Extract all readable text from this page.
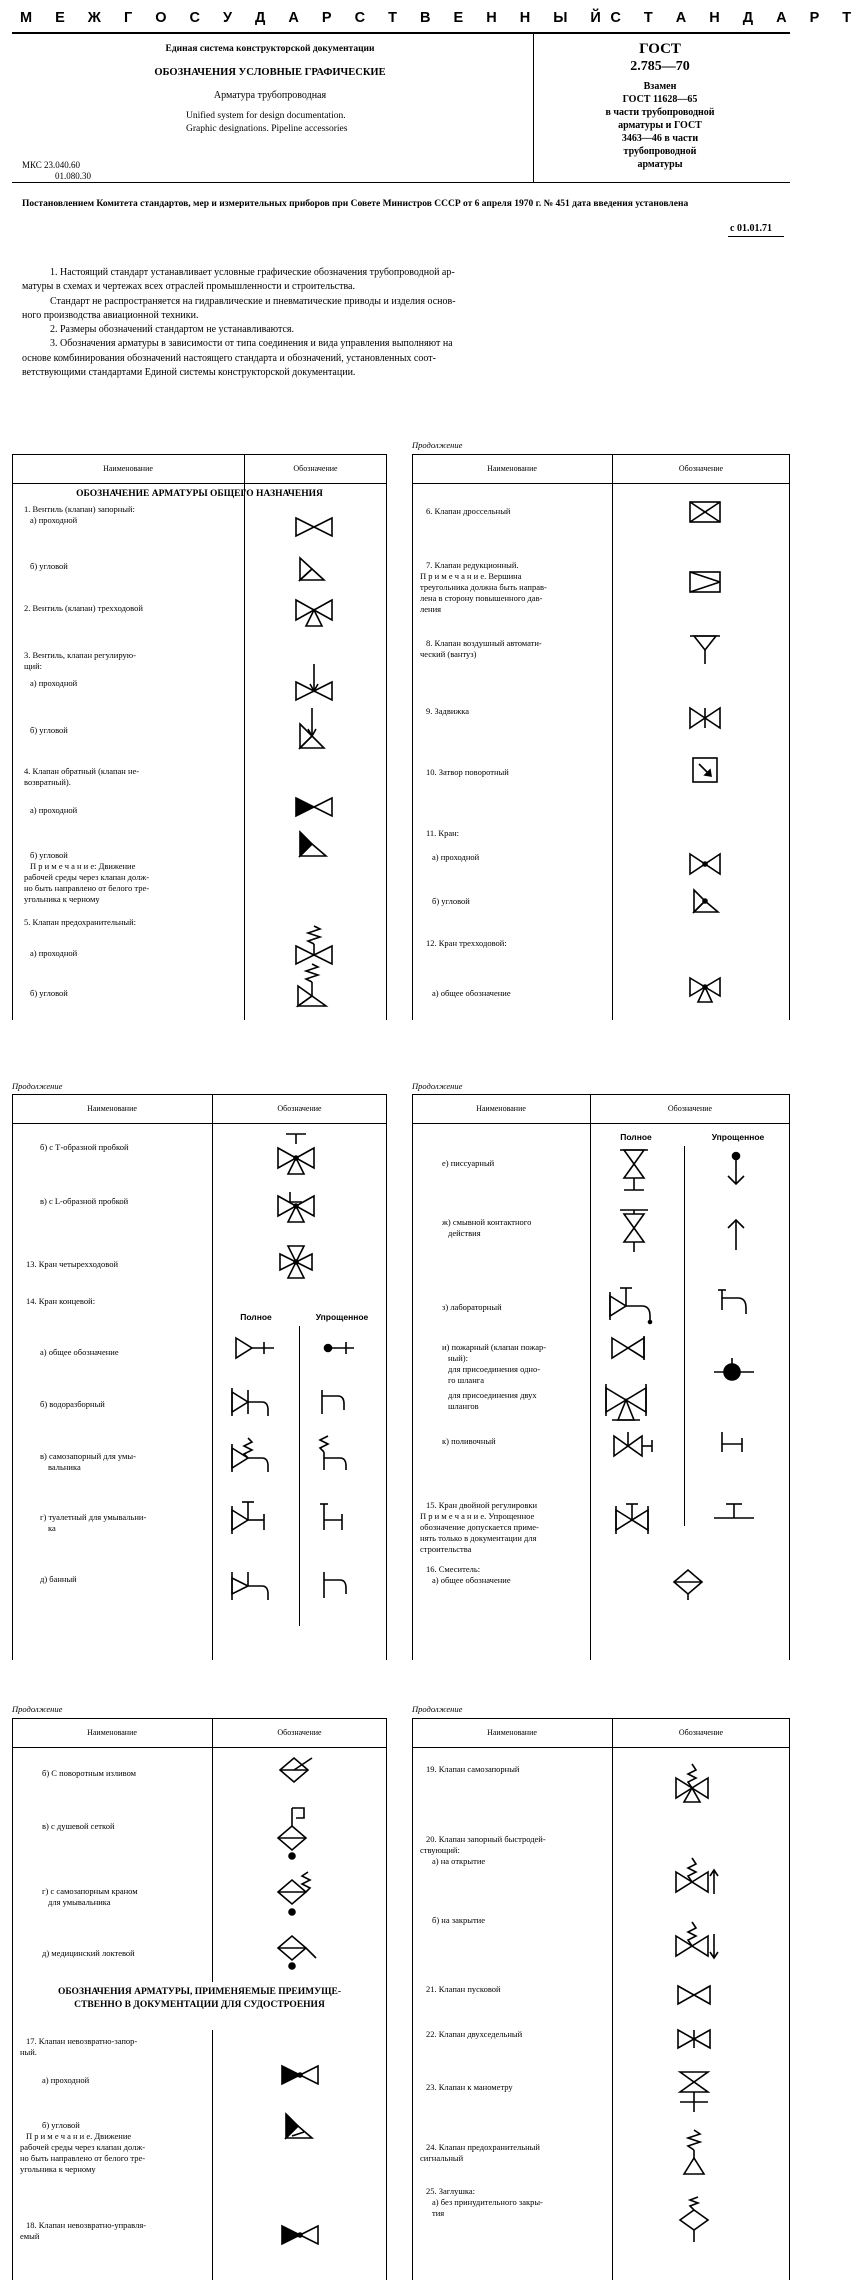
М Е Ж Г О С У Д А Р С Т В Е Н Н Ы Й С Т А Н Д А Р Т
Единая система конструкторской документации
ОБОЗНАЧЕНИЯ УСЛОВНЫЕ ГРАФИЧЕСКИЕ
Арматура трубопроводная
Unified system for design documentation.
Graphic designations. Pipeline accessories
МКС 23.040.60
01.080.30
ГОСТ
2.785—70
Взамен
ГОСТ 11628—65
в части трубопроводной
арматуры и ГОСТ
3463—46 в части
трубопроводной
арматуры
Постановлением Комитета стандартов, мер и измерительных приборов при Совете Министров СССР от 6 апреля 1970 г. № 451 дата введения установлена
с 01.01.71
1. Настоящий стандарт устанавливает условные графические обозначения трубопроводной ар-
матуры в схемах и чертежах всех отраслей промышленности и строительства.
Стандарт не распространяется на гидравлические и пневматические приводы и изделия основ-
ного производства авиационной техники.
2. Размеры обозначений стандартом не устанавливаются.
3. Обозначения арматуры в зависимости от типа соединения и вида управления выполняют на
основе комбинирования обозначений настоящего стандарта и обозначений, установленных соот-
ветствующими стандартами Единой системы конструкторской документации.
Наименование	Обозначение
ОБОЗНАЧЕНИЕ АРМАТУРЫ ОБЩЕГО НАЗНАЧЕНИЯ
1. Вентиль (клапан) запорный:
а) проходной
б) угловой
2. Вентиль (клапан) трехходовой
3. Вентиль, клапан регулирую-
щий:
а) проходной
б) угловой
4. Клапан обратный (клапан не-
возвратный).
а) проходной
б) угловой
П р и м е ч а н и е: Движение
рабочей среды через клапан долж-
но быть направлено от белого тре-
угольника к черному
5. Клапан предохранительный:
а) проходной
б) угловой
Продолжение
Наименование	Обозначение
6. Клапан дроссельный
7. Клапан редукционный.
П р и м е ч а н и е. Вершина
треугольника должна быть направ-
лена в сторону повышенного дав-
ления
8. Клапан воздушный автомати-
ческий (вантуз)
9. Задвижка
10. Затвор поворотный
11. Кран:
а) проходной
б) угловой
12. Кран трехходовой:
а) общее обозначение
Продолжение
Наименование	Обозначение
б) с Т-образной пробкой
в) с L-образной пробкой
13. Кран четырехходовой
14. Кран концевой:
а) общее обозначение
б) водоразборный
в) самозапорный для умы-
вальника
г) туалетный для умывальни-
ка
д) банный
Полное	Упрощенное
Продолжение
Наименование	Обозначение
Полное	Упрощенное
е) писсуарный
ж) смывной контактного
действия
з) лабораторный
и) пожарный (клапан пожар-
ный):
для присоединения одно-
го шланга
для присоединения двух
шлангов
к) поливочный
15. Кран двойной регулировки
П р и м е ч а н и е. Упрощенное
обозначение допускается приме-
нять только в документации для
строительства
16. Смеситель:
а) общее обозначение
Продолжение
Наименование	Обозначение
б) С поворотным изливом
в) с душевой сеткой
г) с самозапорным краном
для умывальника
д) медицинский локтевой
ОБОЗНАЧЕНИЯ АРМАТУРЫ, ПРИМЕНЯЕМЫЕ ПРЕИМУЩЕ-
СТВЕННО В ДОКУМЕНТАЦИИ ДЛЯ СУДОСТРОЕНИЯ
17. Клапан невозвратно-запор-
ный.
а) проходной
б) угловой
П р и м е ч а н и е. Движение
рабочей среды через клапан долж-
но быть направлено от белого тре-
угольника к черному
18. Клапан невозвратно-управля-
емый
Продолжение
Наименование	Обозначение
19. Клапан самозапорный
20. Клапан запорный быстродей-
ствующий:
а) на открытие
б) на закрытие
21. Клапан пусковой
22. Клапан двухседельный
23. Клапан к манометру
24. Клапан предохранительный
сигнальный
25. Заглушка:
а) без принудительного закры-
тия
